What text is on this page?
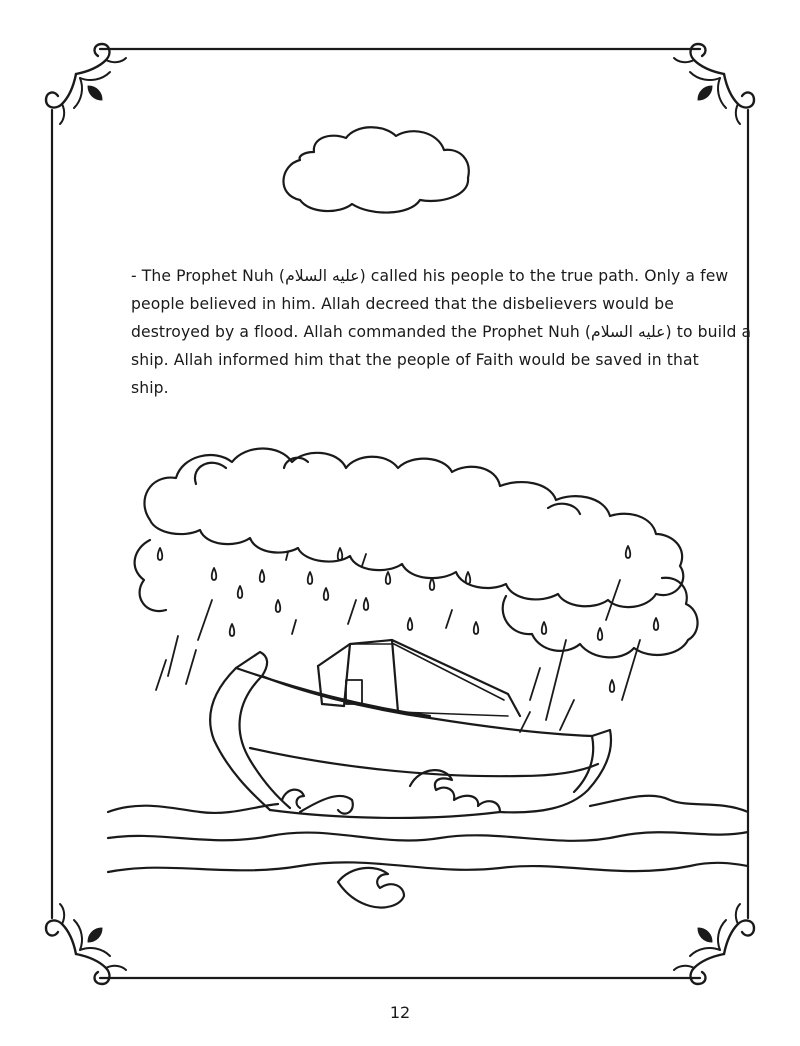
- The Prophet Nuh (عليه السلام) called his people to the true path. Only a few
people believed in him. Allah decreed that the disbelievers would be
destroyed by a flood. Allah commanded the Prophet Nuh (عليه السلام) to build a
ship. Allah informed him that the people of Faith would be saved in that
ship.

12
